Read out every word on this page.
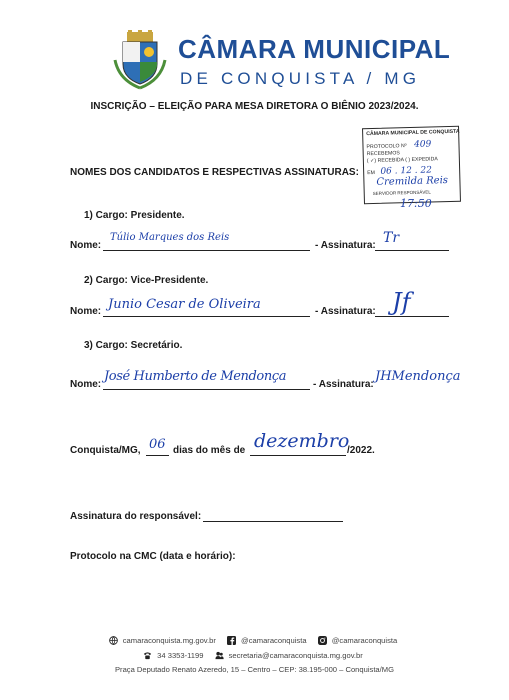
CÂMARA MUNICIPAL
DE CONQUISTA / MG
INSCRIÇÃO – ELEIÇÃO PARA MESA DIRETORA O BIÊNIO 2023/2024.
CÂMARA MUNICIPAL DE CONQUISTA
PROTOCOLO Nº 409
RECEBEMOS
( ✓) RECEBIDA ( ) EXPEDIDA
EM 06 . 12 . 22
Cremilda Reis
SERVIDOR RESPONSÁVEL
17:50
NOMES DOS CANDIDATOS E RESPECTIVAS ASSINATURAS:
1) Cargo: Presidente.
Nome:
Túlio Marques dos Reis
- Assinatura: Tr
2) Cargo: Vice-Presidente.
Nome: Junio Cesar de Oliveira	- Assinatura: Jf
3) Cargo: Secretário.
Nome:
José Humberto de Mendonça
- Assinatura:
JHMendonça
Conquista/MG, 06 dias do mês de dezembro
/2022.
Assinatura do responsável:
Protocolo na CMC (data e horário):
camaraconquista.mg.gov.br	@camaraconquista	@camaraconquista
34 3353-1199	secretaria@camaraconquista.mg.gov.br
Praça Deputado Renato Azeredo, 15 – Centro – CEP: 38.195-000 – Conquista/MG
